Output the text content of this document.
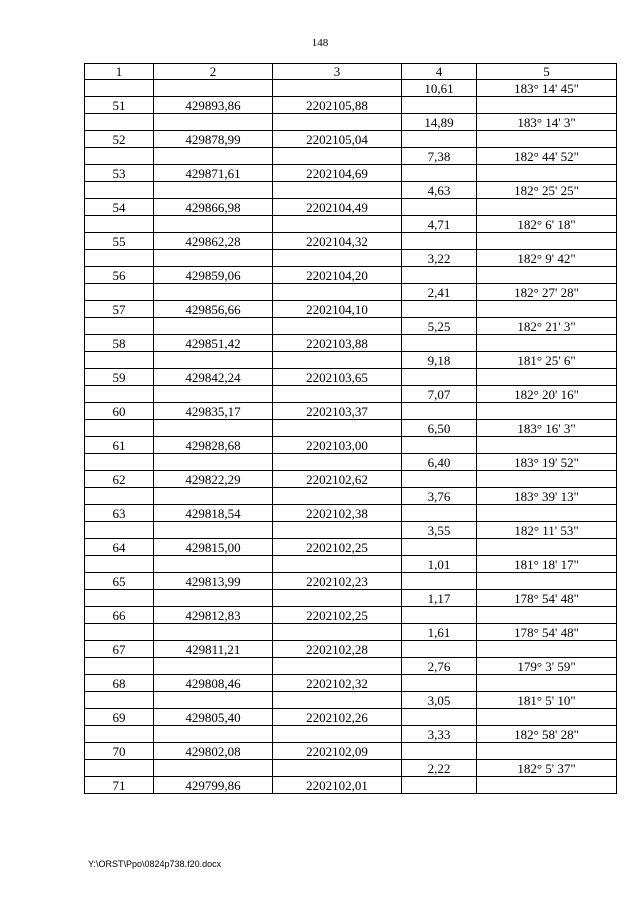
148
1	2	3	4	5
			10,61	183° 14' 45"
51	429893,86	2202105,88		
			14,89	183° 14' 3"
52	429878,99	2202105,04		
			7,38	182° 44' 52"
53	429871,61	2202104,69		
			4,63	182° 25' 25"
54	429866,98	2202104,49		
			4,71	182° 6' 18"
55	429862,28	2202104,32		
			3,22	182° 9' 42"
56	429859,06	2202104,20		
			2,41	182° 27' 28"
57	429856,66	2202104,10		
			5,25	182° 21' 3"
58	429851,42	2202103,88		
			9,18	181° 25' 6"
59	429842,24	2202103,65		
			7,07	182° 20' 16"
60	429835,17	2202103,37		
			6,50	183° 16' 3"
61	429828,68	2202103,00		
			6,40	183° 19' 52"
62	429822,29	2202102,62		
			3,76	183° 39' 13"
63	429818,54	2202102,38		
			3,55	182° 11' 53"
64	429815,00	2202102,25		
			1,01	181° 18' 17"
65	429813,99	2202102,23		
			1,17	178° 54' 48"
66	429812,83	2202102,25		
			1,61	178° 54' 48"
67	429811,21	2202102,28		
			2,76	179° 3' 59"
68	429808,46	2202102,32		
			3,05	181° 5' 10"
69	429805,40	2202102,26		
			3,33	182° 58' 28"
70	429802,08	2202102,09		
			2,22	182° 5' 37"
71	429799,86	2202102,01		
Y:\ORST\Ppo\0824p738.f20.docx
